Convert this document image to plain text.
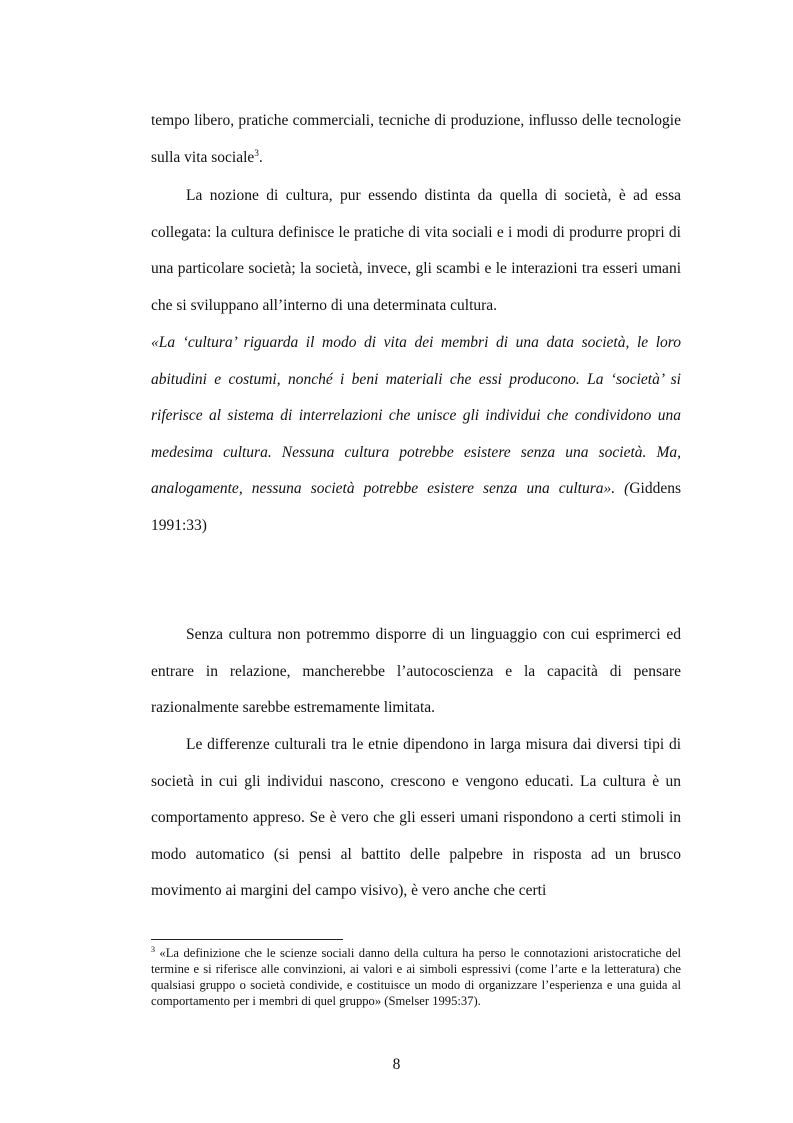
tempo libero, pratiche commerciali, tecniche di produzione, influsso delle tecnologie sulla vita sociale$^3$.

La nozione di cultura, pur essendo distinta da quella di società, è ad essa collegata: la cultura definisce le pratiche di vita sociali e i modi di produrre propri di una particolare società; la società, invece, gli scambi e le interazioni tra esseri umani che si sviluppano all’interno di una determinata cultura.

«La ‘cultura’ riguarda il modo di vita dei membri di una data società, le loro abitudini e costumi, nonché i beni materiali che essi producono. La ‘società’ si riferisce al sistema di interrelazioni che unisce gli individui che condividono una medesima cultura. Nessuna cultura potrebbe esistere senza una società. Ma, analogamente, nessuna società potrebbe esistere senza una cultura». (Giddens 1991:33)

Senza cultura non potremmo disporre di un linguaggio con cui esprimerci ed entrare in relazione, mancherebbe l’autocoscienza e la capacità di pensare razionalmente sarebbe estremamente limitata.

Le differenze culturali tra le etnie dipendono in larga misura dai diversi tipi di società in cui gli individui nascono, crescono e vengono educati. La cultura è un comportamento appreso. Se è vero che gli esseri umani rispondono a certi stimoli in modo automatico (si pensi al battito delle palpebre in risposta ad un brusco movimento ai margini del campo visivo), è vero anche che certi

$^3$ «La definizione che le scienze sociali danno della cultura ha perso le connotazioni aristocratiche del termine e si riferisce alle convinzioni, ai valori e ai simboli espressivi (come l’arte e la letteratura) che qualsiasi gruppo o società condivide, e costituisce un modo di organizzare l’esperienza e una guida al comportamento per i membri di quel gruppo» (Smelser 1995:37).

8
